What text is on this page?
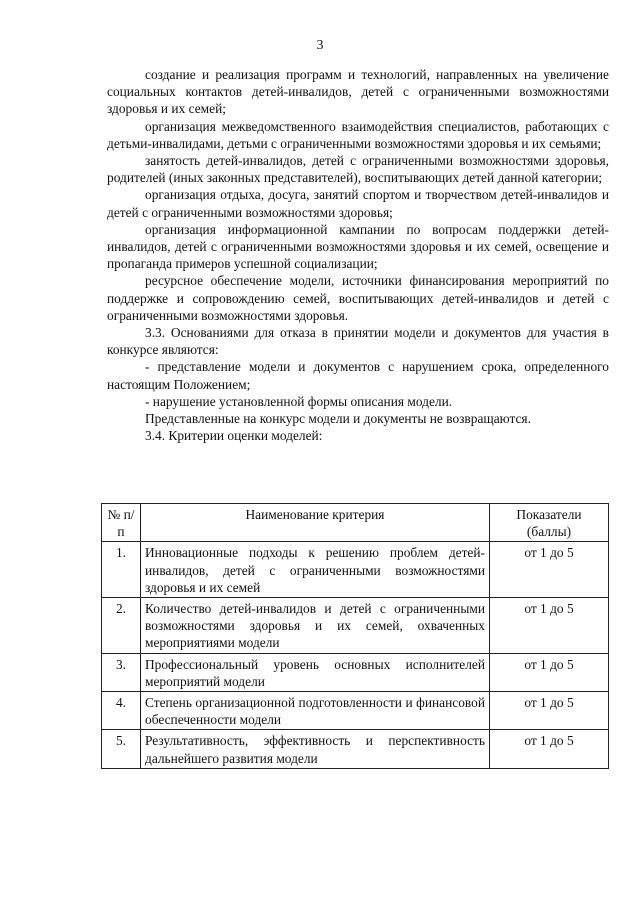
3

создание и реализация программ и технологий, направленных на увеличение социальных контактов детей-инвалидов, детей с ограниченными возможностями здоровья и их семей;

организация межведомственного взаимодействия специалистов, работающих с детьми-инвалидами, детьми с ограниченными возможностями здоровья и их семьями;

занятость детей-инвалидов, детей с ограниченными возможностями здоровья, родителей (иных законных представителей), воспитывающих детей данной категории;

организация отдыха, досуга, занятий спортом и творчеством детей-инвалидов и детей с ограниченными возможностями здоровья;

организация информационной кампании по вопросам поддержки детей-инвалидов, детей с ограниченными возможностями здоровья и их семей, освещение и пропаганда примеров успешной социализации;

ресурсное обеспечение модели, источники финансирования мероприятий по поддержке и сопровождению семей, воспитывающих детей-инвалидов и детей с ограниченными возможностями здоровья.

3.3. Основаниями для отказа в принятии модели и документов для участия в конкурсе являются:

- представление модели и документов с нарушением срока, определенного настоящим Положением;

- нарушение установленной формы описания модели.

Представленные на конкурс модели и документы не возвращаются.

3.4. Критерии оценки моделей:

№ п/п	Наименование критерия	Показатели (баллы)
1.	Инновационные подходы к решению проблем детей-инвалидов, детей с ограниченными возможностями здоровья и их семей	от 1 до 5
2.	Количество детей-инвалидов и детей с ограниченными возможностями здоровья и их семей, охваченных мероприятиями модели	от 1 до 5
3.	Профессиональный уровень основных исполнителей мероприятий модели	от 1 до 5
4.	Степень организационной подготовленности и финансовой обеспеченности модели	от 1 до 5
5.	Результативность, эффективность и перспективность дальнейшего развития модели	от 1 до 5
